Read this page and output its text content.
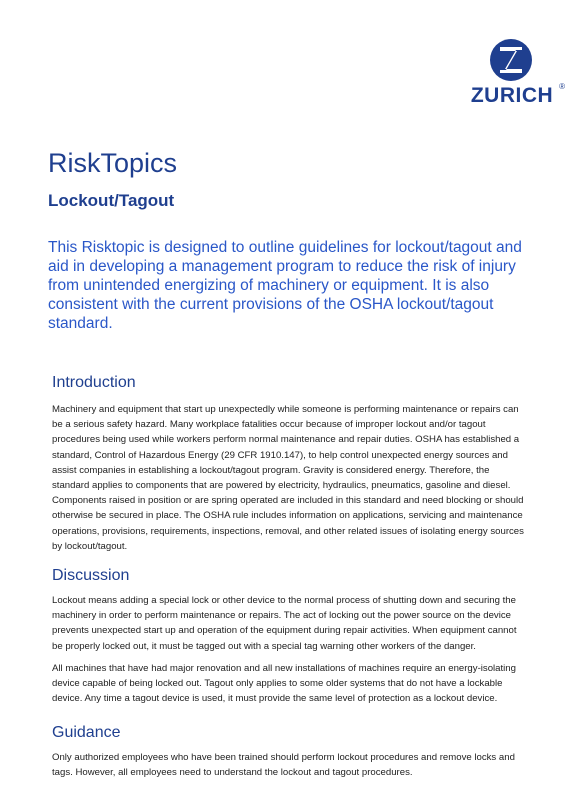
ZURICH ®
RiskTopics
Lockout/Tagout

This Risktopic is designed to outline guidelines for lockout/tagout and aid in developing a management program to reduce the risk of injury from unintended energizing of machinery or equipment. It is also consistent with the current provisions of the OSHA lockout/tagout standard.

Introduction

Machinery and equipment that start up unexpectedly while someone is performing maintenance or repairs can be a serious safety hazard. Many workplace fatalities occur because of improper lockout and/or tagout procedures being used while workers perform normal maintenance and repair duties. OSHA has established a standard, Control of Hazardous Energy (29 CFR 1910.147), to help control unexpected energy sources and assist companies in establishing a lockout/tagout program. Gravity is considered energy. Therefore, the standard applies to components that are powered by electricity, hydraulics, pneumatics, gasoline and diesel. Components raised in position or are spring operated are included in this standard and need blocking or should otherwise be secured in place. The OSHA rule includes information on applications, servicing and maintenance operations, provisions, requirements, inspections, removal, and other related issues of isolating energy sources by lockout/tagout.

Discussion

Lockout means adding a special lock or other device to the normal process of shutting down and securing the machinery in order to perform maintenance or repairs. The act of locking out the power source on the device prevents unexpected start up and operation of the equipment during repair activities. When equipment cannot be properly locked out, it must be tagged out with a special tag warning other workers of the danger.

All machines that have had major renovation and all new installations of machines require an energy-isolating device capable of being locked out. Tagout only applies to some older systems that do not have a lockable device. Any time a tagout device is used, it must provide the same level of protection as a lockout device.

Guidance

Only authorized employees who have been trained should perform lockout procedures and remove locks and tags. However, all employees need to understand the lockout and tagout procedures.
